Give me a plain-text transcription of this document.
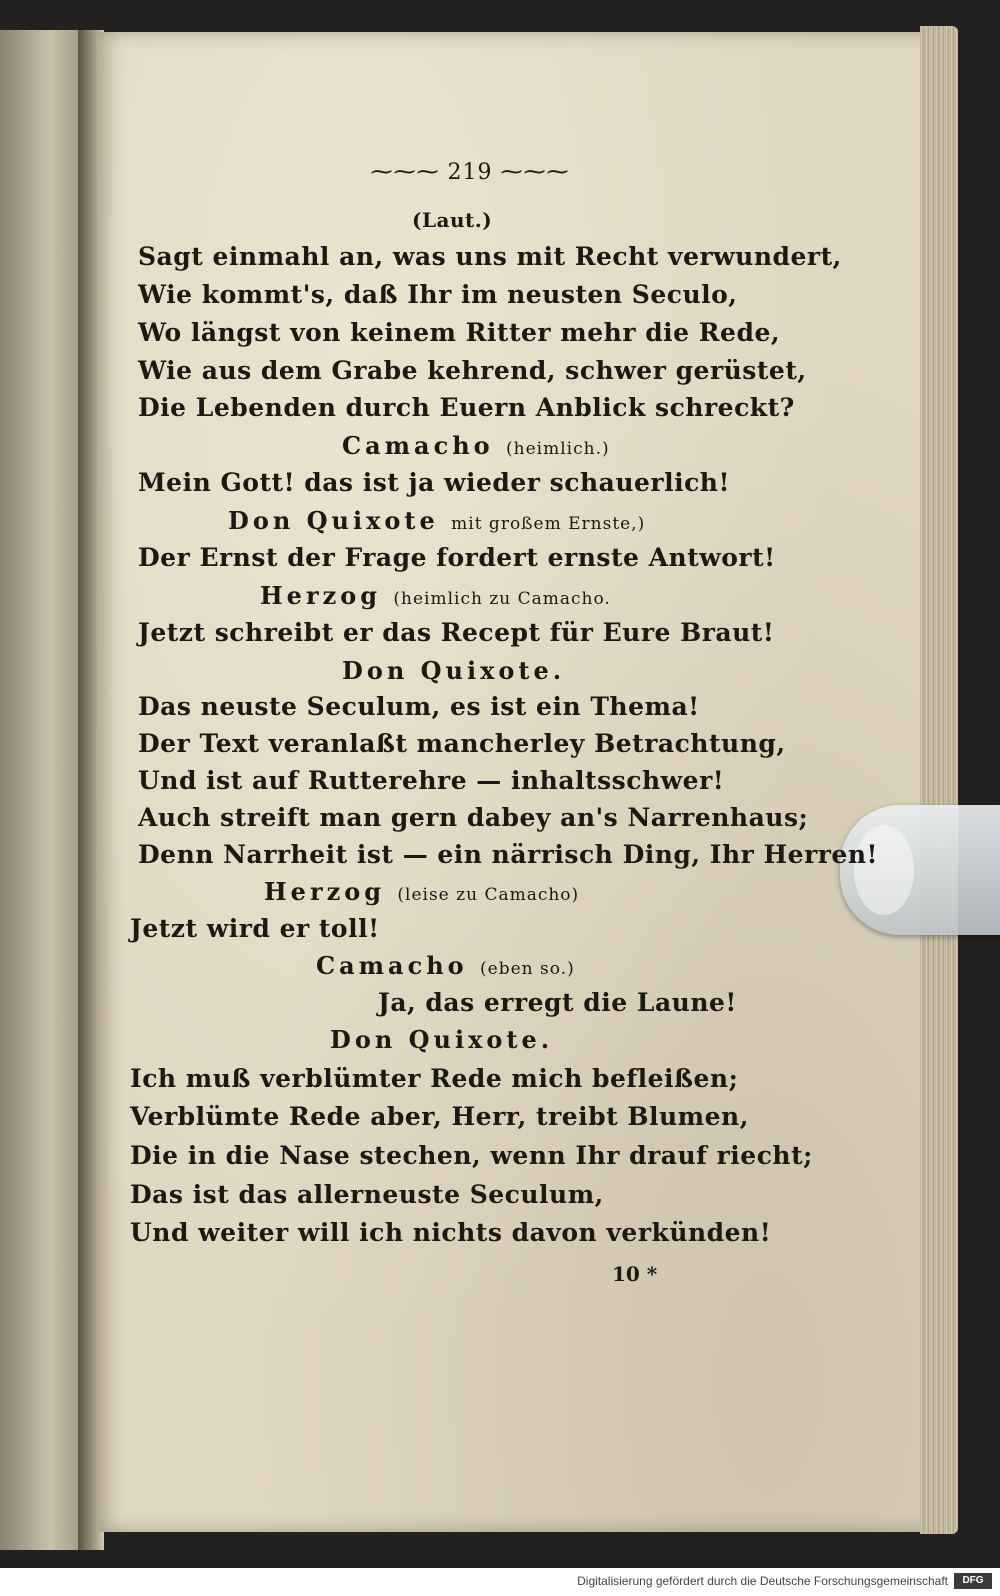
⁓⁓⁓ 219 ⁓⁓⁓
(Laut.)
Sagt einmahl an, was uns mit Recht verwundert,
Wie kommt's, daß Ihr im neusten Seculo,
Wo längst von keinem Ritter mehr die Rede,
Wie aus dem Grabe kehrend, schwer gerüstet,
Die Lebenden durch Euern Anblick schreckt?
Camacho (heimlich.)
Mein Gott! das ist ja wieder schauerlich!
Don Quixote mit großem Ernste,)
Der Ernst der Frage fordert ernste Antwort!
Herzog (heimlich zu Camacho.
Jetzt schreibt er das Recept für Eure Braut!
Don Quixote.
Das neuste Seculum, es ist ein Thema!
Der Text veranlaßt mancherley Betrachtung,
Und ist auf Rutterehre — inhaltsschwer!
Auch streift man gern dabey an's Narrenhaus;
Denn Narrheit ist — ein närrisch Ding, Ihr Herren!
Herzog (leise zu Camacho)
Jetzt wird er toll!
Camacho (eben so.)
Ja, das erregt die Laune!
Don Quixote.
Ich muß verblümter Rede mich befleißen;
Verblümte Rede aber, Herr, treibt Blumen,
Die in die Nase stechen, wenn Ihr drauf riecht;
Das ist das allerneuste Seculum,
Und weiter will ich nichts davon verkünden!
10 *
Digitalisierung gefördert durch die Deutsche Forschungsgemeinschaft	DFG
